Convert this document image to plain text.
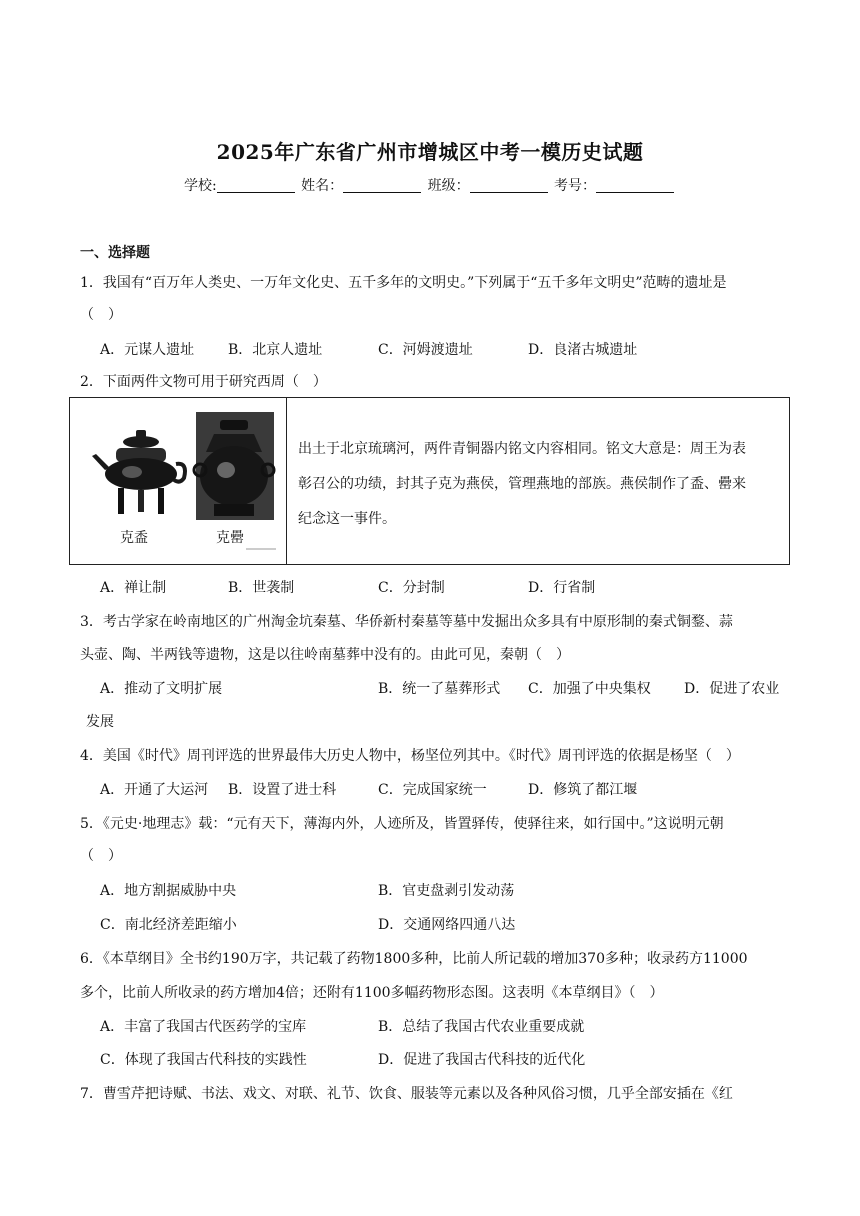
2025年广东省广州市增城区中考一模历史试题
学校:	姓名：	班级：	考号：
一、选择题
1．我国有“百万年人类史、一万年文化史、五千多年的文明史。”下列属于“五千多年文明史”范畴的遗址是
（　）
A．元谋人遗址 B．北京人遗址	C．河姆渡遗址	D．良渚古城遗址
2．下面两件文物可用于研究西周（　）
克盉	克罍
出土于北京琉璃河，两件青铜器内铭文内容相同。铭文大意是：周王为表
彰召公的功绩，封其子克为燕侯，管理燕地的部族。燕侯制作了盉、罍来
纪念这一事件。
A．禅让制	B．世袭制	C．分封制	D．行省制
3．考古学家在岭南地区的广州淘金坑秦墓、华侨新村秦墓等墓中发掘出众多具有中原形制的秦式铜鍪、蒜
头壶、陶、半两钱等遗物，这是以往岭南墓葬中没有的。由此可见，秦朝（　）
A．推动了文明扩展	B．统一了墓葬形式 C．加强了中央集权 D．促进了农业
发展
4．美国《时代》周刊评选的世界最伟大历史人物中，杨坚位列其中。《时代》周刊评选的依据是杨坚（　）
A．开通了大运河 B．设置了进士科	C．完成国家统一	D．修筑了都江堰
5．《元史·地理志》载：“元有天下，薄海内外，人迹所及，皆置驿传，使驿往来，如行国中。”这说明元朝
（　）
A．地方割据威胁中央	B．官吏盘剥引发动荡
C．南北经济差距缩小	D．交通网络四通八达
6．《本草纲目》全书约190万字，共记载了药物1800多种，比前人所记载的增加370多种；收录药方11000
多个，比前人所收录的药方增加4倍；还附有1100多幅药物形态图。这表明《本草纲目》（　）
A．丰富了我国古代医药学的宝库	B．总结了我国古代农业重要成就
C．体现了我国古代科技的实践性	D．促进了我国古代科技的近代化
7．曹雪芹把诗赋、书法、戏文、对联、礼节、饮食、服装等元素以及各种风俗习惯，几乎全部安插在《红
